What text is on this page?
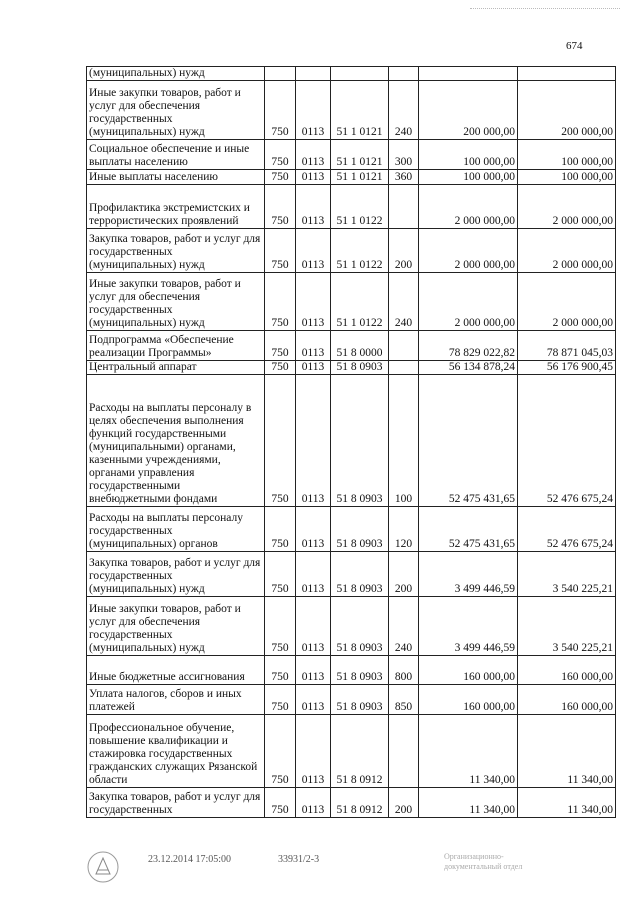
674
(муниципальных) нужд						
Иные закупки товаров, работ и услуг для обеспечения государственных (муниципальных) нужд	750	0113	51 1 0121	240	200 000,00	200 000,00
Социальное обеспечение и иные выплаты населению	750	0113	51 1 0121	300	100 000,00	100 000,00
Иные выплаты населению	750	0113	51 1 0121	360	100 000,00	100 000,00
Профилактика экстремистских и террористических проявлений	750	0113	51 1 0122		2 000 000,00	2 000 000,00
Закупка товаров, работ и услуг для государственных (муниципальных) нужд	750	0113	51 1 0122	200	2 000 000,00	2 000 000,00
Иные закупки товаров, работ и услуг для обеспечения государственных (муниципальных) нужд	750	0113	51 1 0122	240	2 000 000,00	2 000 000,00
Подпрограмма «Обеспечение реализации Программы»	750	0113	51 8 0000		78 829 022,82	78 871 045,03
Центральный аппарат	750	0113	51 8 0903		56 134 878,24	56 176 900,45
Расходы на выплаты персоналу в целях обеспечения выполнения функций государственными (муниципальными) органами, казенными учреждениями, органами управления государственными внебюджетными фондами	750	0113	51 8 0903	100	52 475 431,65	52 476 675,24
Расходы на выплаты персоналу государственных (муниципальных) органов	750	0113	51 8 0903	120	52 475 431,65	52 476 675,24
Закупка товаров, работ и услуг для государственных (муниципальных) нужд	750	0113	51 8 0903	200	3 499 446,59	3 540 225,21
Иные закупки товаров, работ и услуг для обеспечения государственных (муниципальных) нужд	750	0113	51 8 0903	240	3 499 446,59	3 540 225,21
Иные бюджетные ассигнования	750	0113	51 8 0903	800	160 000,00	160 000,00
Уплата налогов, сборов и иных платежей	750	0113	51 8 0903	850	160 000,00	160 000,00
Профессиональное обучение, повышение квалификации и стажировка государственных гражданских служащих Рязанской области	750	0113	51 8 0912		11 340,00	11 340,00
Закупка товаров, работ и услуг для государственных	750	0113	51 8 0912	200	11 340,00	11 340,00
23.12.2014 17:05:00	33931/2-3	Организационно-
документальный отдел
